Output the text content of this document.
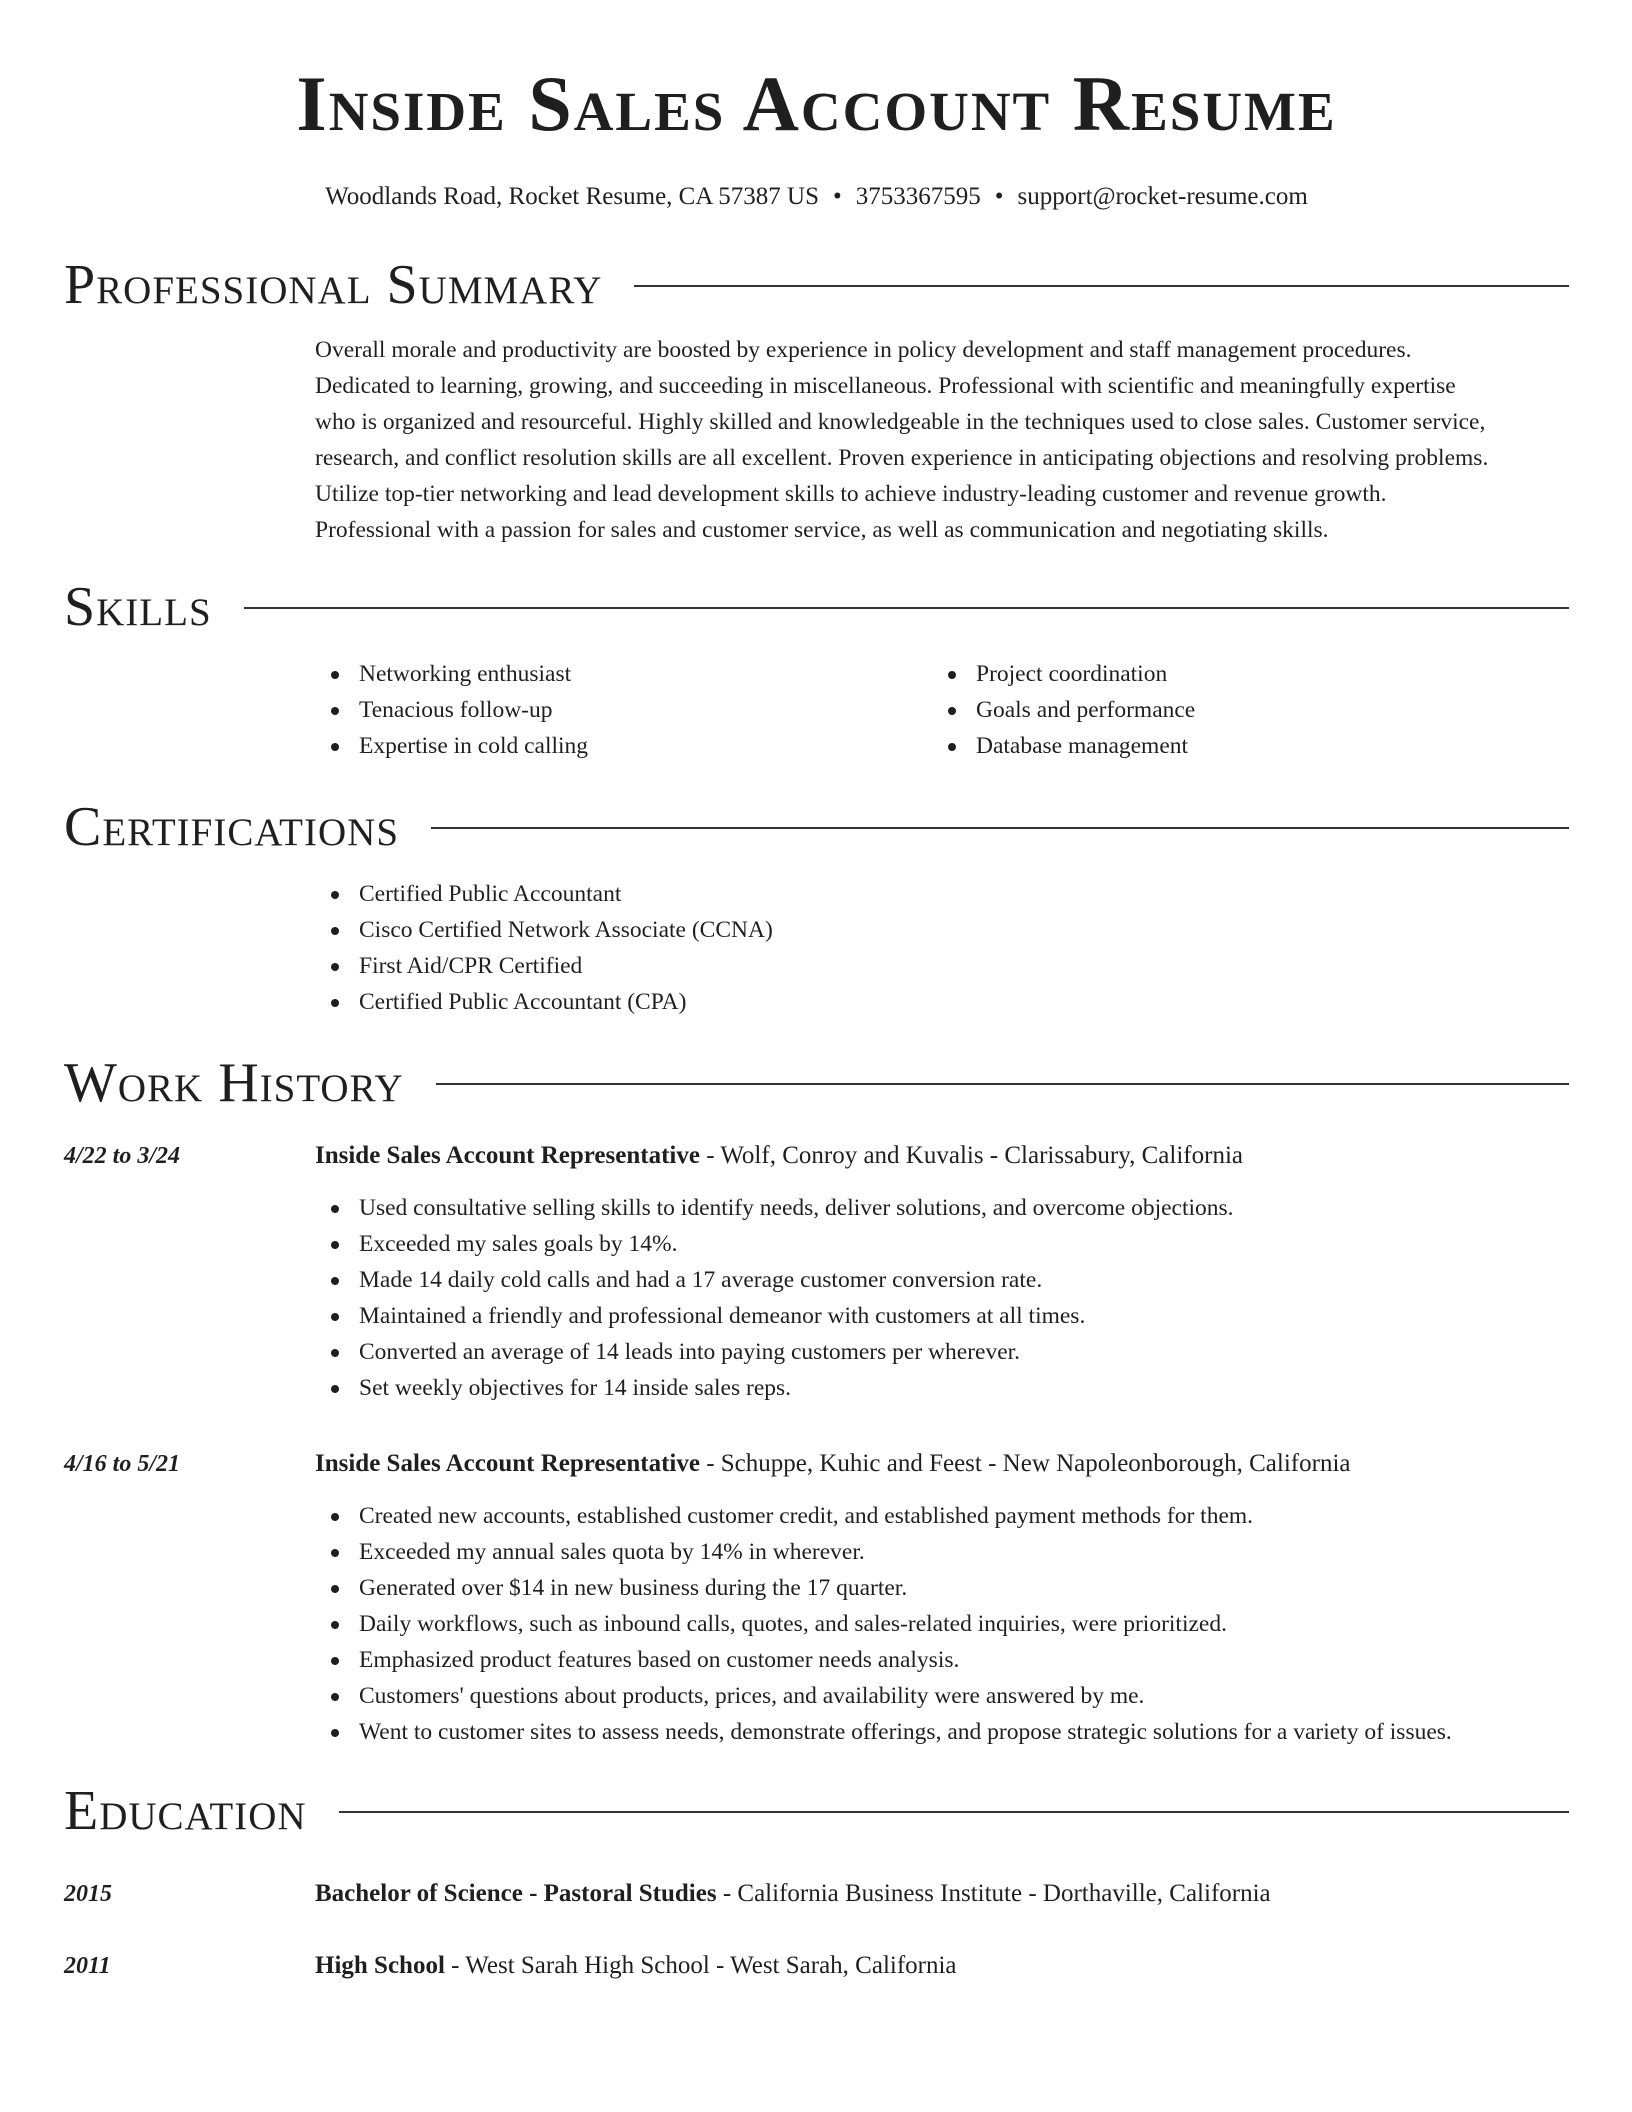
Inside Sales Account Resume
Woodlands Road, Rocket Resume, CA 57387 US • 3753367595 • support@rocket-resume.com
Professional Summary
Overall morale and productivity are boosted by experience in policy development and staff management procedures.
Dedicated to learning, growing, and succeeding in miscellaneous. Professional with scientific and meaningfully expertise
who is organized and resourceful. Highly skilled and knowledgeable in the techniques used to close sales. Customer service,
research, and conflict resolution skills are all excellent. Proven experience in anticipating objections and resolving problems.
Utilize top-tier networking and lead development skills to achieve industry-leading customer and revenue growth.
Professional with a passion for sales and customer service, as well as communication and negotiating skills.
Skills
Networking enthusiast
Tenacious follow-up
Expertise in cold calling
Project coordination
Goals and performance
Database management
Certifications
Certified Public Accountant
Cisco Certified Network Associate (CCNA)
First Aid/CPR Certified
Certified Public Accountant (CPA)
Work History
4/22 to 3/24	Inside Sales Account Representative - Wolf, Conroy and Kuvalis - Clarissabury, California
Used consultative selling skills to identify needs, deliver solutions, and overcome objections.
Exceeded my sales goals by 14%.
Made 14 daily cold calls and had a 17 average customer conversion rate.
Maintained a friendly and professional demeanor with customers at all times.
Converted an average of 14 leads into paying customers per wherever.
Set weekly objectives for 14 inside sales reps.
4/16 to 5/21	Inside Sales Account Representative - Schuppe, Kuhic and Feest - New Napoleonborough, California
Created new accounts, established customer credit, and established payment methods for them.
Exceeded my annual sales quota by 14% in wherever.
Generated over $14 in new business during the 17 quarter.
Daily workflows, such as inbound calls, quotes, and sales-related inquiries, were prioritized.
Emphasized product features based on customer needs analysis.
Customers' questions about products, prices, and availability were answered by me.
Went to customer sites to assess needs, demonstrate offerings, and propose strategic solutions for a variety of issues.
Education
2015	Bachelor of Science - Pastoral Studies - California Business Institute - Dorthaville, California
2011	High School - West Sarah High School - West Sarah, California
